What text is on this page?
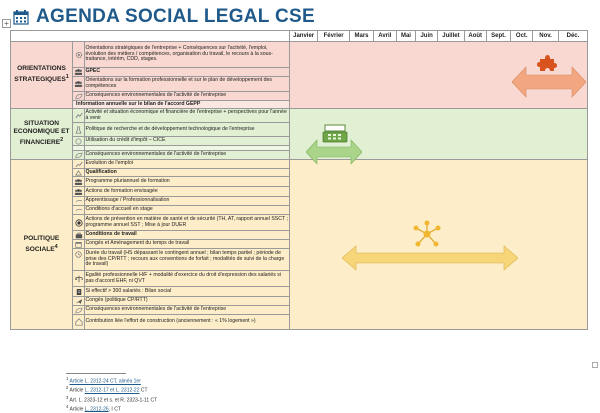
+ AGENDA SOCIAL LEGAL CSE
			Janvier	Février	Mars	Avril	Mai	Juin	Juillet	Août	Sept.	Oct.	Nov.	Déc.
ORIENTATIONS STRATEGIQUES$^1$		Orientations stratégiques de l'entreprise + Conséquences sur l'activité, l'emploi, évolution des métiers / compétences, organisation du travail, le recours à la sous-traitance, intérim, CDD, stages.												

	GPEC												

	Orientations sur la formation professionnelle et sur le plan de développement des compétences												

	Conséquences environnementales de l'activité de l'entreprise												
	Information annuelle sur le bilan de l'accord GEPP													
SITUATION ECONOMIQUE ET FINANCIERE$^2$		Activité et situation économique et financière de l'entreprise + perspectives pour l'année à venir												

	Politique de recherche et de développement technologique de l'entreprise												

	Utilisation du crédit d'impôt – CICE												

	Conséquences environnementales de l'activité de l'entreprise												
POLITIQUE SOCIALE$^4$		Evolution de l'emploi												

	Qualification												

	Programme pluriannuel de formation												

	Actions de formation envisagée												

	Apprentissage / Professionnalisation												

	Conditions d'accueil en stage												

	Actions de prévention en matière de santé et de sécurité (TH, AT, rapport annuel SSCT ; programme annuel SST ; Mise à jour DUER												

	Conditions de travail												

	Congés et Aménagement du temps de travail												

	Durée du travail (HS dépassant le contingent annuel ; bilan temps partiel ; période de prise des CP/RTT ; recours aux conventions de forfait ; modalités de suivi de la charge de travail)												

	Egalité professionnelle H/F + modalité d'exercice du droit d'expression des salariés si pas d'accord EHF, ni QVT												

	Si effectif > 300 salariés : Bilan social												

	Congés (politique CP/RTT)												

	Conséquences environnementales de l'activité de l'entreprise												

	Contribution liée l'effort de construction (anciennement : « 1% logement »)												
$^1$ Article L. 2312-24 CT, alinéa 1er
$^2$ Article L. 2312-17 et L. 2312-22 CT
$^3$ Art. L. 2323-12 et s. et R. 2323-1-11 CT
$^4$ Article L. 2312-26, I CT
